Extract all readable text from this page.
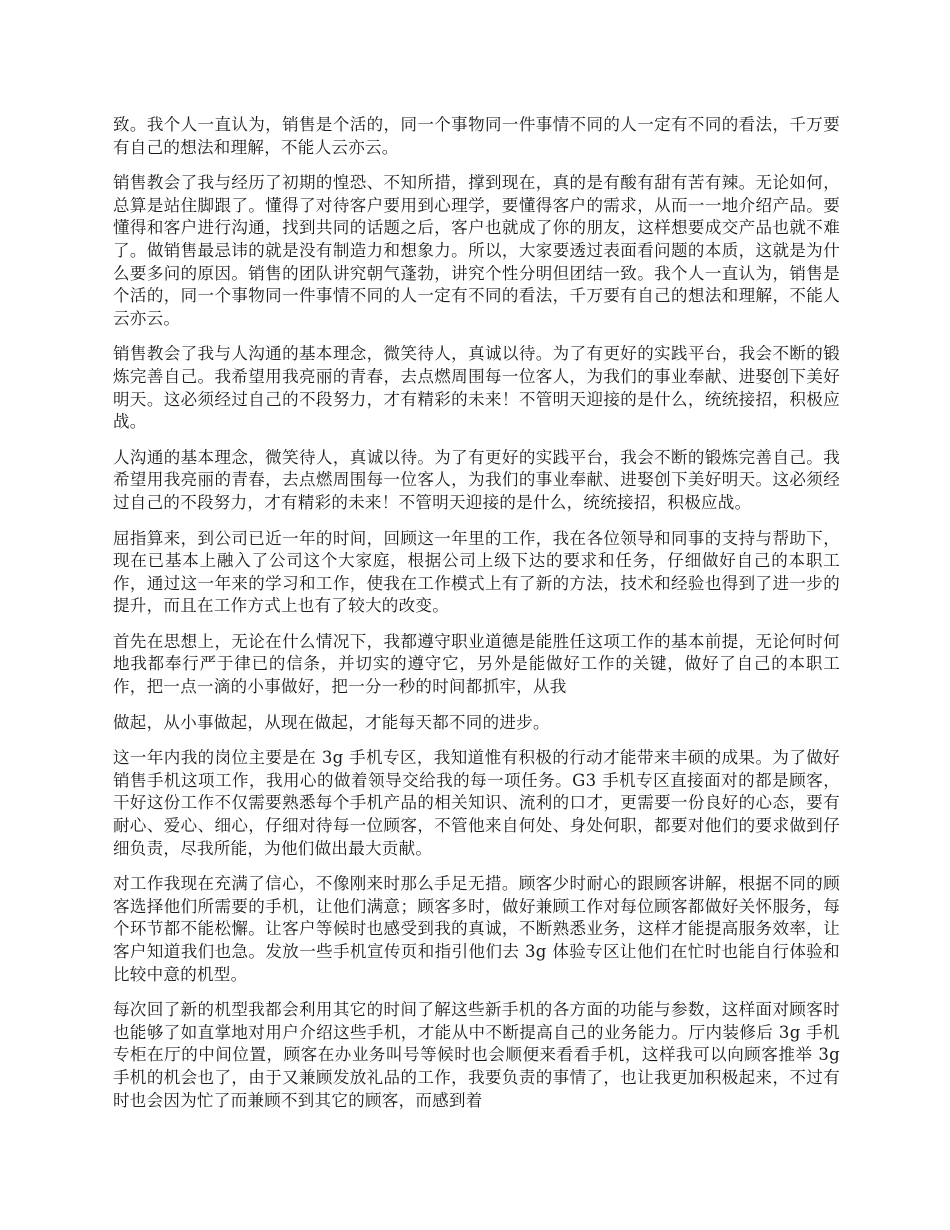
致。我个人一直认为，销售是个活的，同一个事物同一件事情不同的人一定有不同的看法，千万要有自己的想法和理解，不能人云亦云。

销售教会了我与经历了初期的惶恐、不知所措，撑到现在，真的是有酸有甜有苦有辣。无论如何，总算是站住脚跟了。懂得了对待客户要用到心理学，要懂得客户的需求，从而一一地介绍产品。要懂得和客户进行沟通，找到共同的话题之后，客户也就成了你的朋友，这样想要成交产品也就不难了。做销售最忌讳的就是没有制造力和想象力。所以，大家要透过表面看问题的本质，这就是为什么要多问的原因。销售的团队讲究朝气蓬勃，讲究个性分明但团结一致。我个人一直认为，销售是个活的，同一个事物同一件事情不同的人一定有不同的看法，千万要有自己的想法和理解，不能人云亦云。

销售教会了我与人沟通的基本理念，微笑待人，真诚以待。为了有更好的实践平台，我会不断的锻炼完善自己。我希望用我亮丽的青春，去点燃周围每一位客人，为我们的事业奉献、进娶创下美好明天。这必须经过自己的不段努力，才有精彩的未来！不管明天迎接的是什么，统统接招，积极应战。

人沟通的基本理念，微笑待人，真诚以待。为了有更好的实践平台，我会不断的锻炼完善自己。我希望用我亮丽的青春，去点燃周围每一位客人，为我们的事业奉献、进娶创下美好明天。这必须经过自己的不段努力，才有精彩的未来！不管明天迎接的是什么，统统接招，积极应战。

屈指算来，到公司已近一年的时间，回顾这一年里的工作，我在各位领导和同事的支持与帮助下，现在已基本上融入了公司这个大家庭，根据公司上级下达的要求和任务，仔细做好自己的本职工作，通过这一年来的学习和工作，使我在工作模式上有了新的方法，技术和经验也得到了进一步的提升，而且在工作方式上也有了较大的改变。

首先在思想上，无论在什么情况下，我都遵守职业道德是能胜任这项工作的基本前提，无论何时何地我都奉行严于律已的信条，并切实的遵守它，另外是能做好工作的关键，做好了自己的本职工作，把一点一滴的小事做好，把一分一秒的时间都抓牢，从我

做起，从小事做起，从现在做起，才能每天都不同的进步。

这一年内我的岗位主要是在 3g 手机专区，我知道惟有积极的行动才能带来丰硕的成果。为了做好销售手机这项工作，我用心的做着领导交给我的每一项任务。G3 手机专区直接面对的都是顾客，干好这份工作不仅需要熟悉每个手机产品的相关知识、流利的口才，更需要一份良好的心态，要有耐心、爱心、细心，仔细对待每一位顾客，不管他来自何处、身处何职，都要对他们的要求做到仔细负责，尽我所能，为他们做出最大贡献。

对工作我现在充满了信心，不像刚来时那么手足无措。顾客少时耐心的跟顾客讲解，根据不同的顾客选择他们所需要的手机，让他们满意；顾客多时，做好兼顾工作对每位顾客都做好关怀服务，每个环节都不能松懈。让客户等候时也感受到我的真诚，不断熟悉业务，这样才能提高服务效率，让客户知道我们也急。发放一些手机宣传页和指引他们去 3g 体验专区让他们在忙时也能自行体验和比较中意的机型。

每次回了新的机型我都会利用其它的时间了解这些新手机的各方面的功能与参数，这样面对顾客时也能够了如直掌地对用户介绍这些手机，才能从中不断提高自己的业务能力。厅内装修后 3g 手机专柜在厅的中间位置，顾客在办业务叫号等候时也会顺便来看看手机，这样我可以向顾客推举 3g 手机的机会也了，由于又兼顾发放礼品的工作，我要负责的事情了，也让我更加积极起来，不过有时也会因为忙了而兼顾不到其它的顾客，而感到着
